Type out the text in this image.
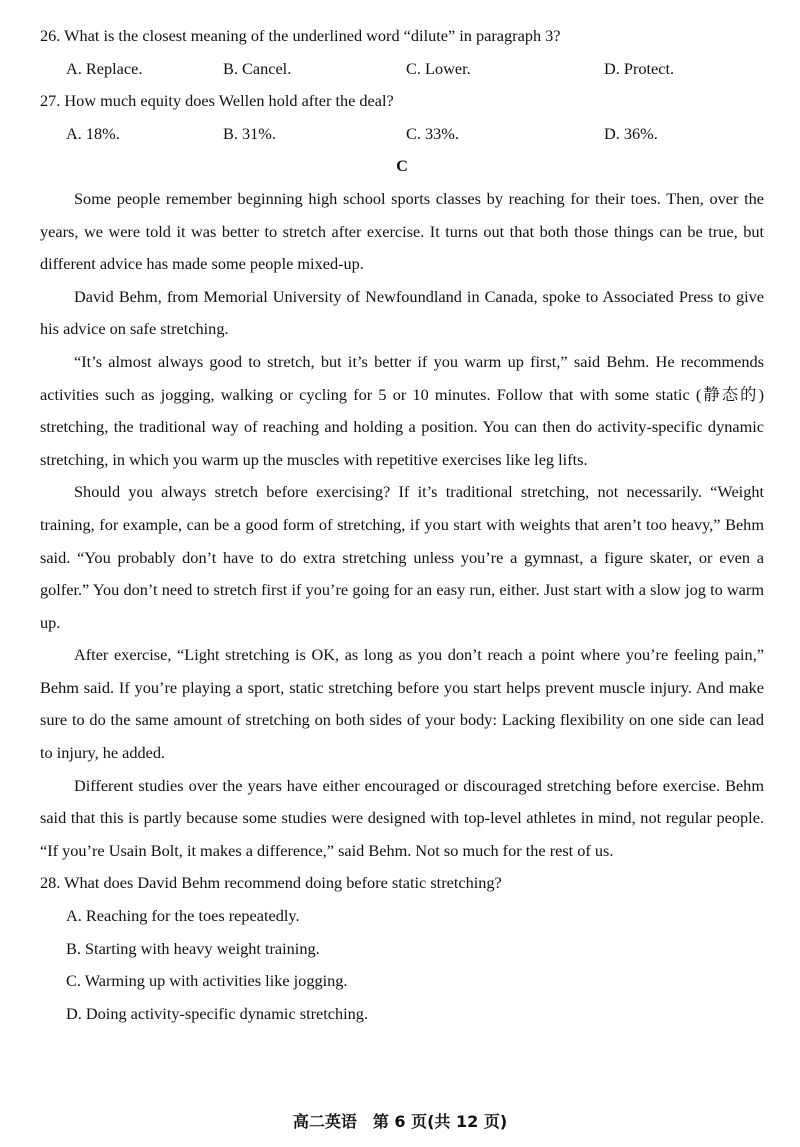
26. What is the closest meaning of the underlined word “dilute” in paragraph 3?

A. Replace.	B. Cancel.	C. Lower.	D. Protect.

27. How much equity does Wellen hold after the deal?

A. 18%.	B. 31%.	C. 33%.	D. 36%.

C

Some people remember beginning high school sports classes by reaching for their toes. Then, over the years, we were told it was better to stretch after exercise. It turns out that both those things can be true, but different advice has made some people mixed-up.

David Behm, from Memorial University of Newfoundland in Canada, spoke to Associated Press to give his advice on safe stretching.

“It’s almost always good to stretch, but it’s better if you warm up first,” said Behm. He recommends activities such as jogging, walking or cycling for 5 or 10 minutes. Follow that with some static (静态的) stretching, the traditional way of reaching and holding a position. You can then do activity-specific dynamic stretching, in which you warm up the muscles with repetitive exercises like leg lifts.

Should you always stretch before exercising? If it’s traditional stretching, not necessarily. “Weight training, for example, can be a good form of stretching, if you start with weights that aren’t too heavy,” Behm said. “You probably don’t have to do extra stretching unless you’re a gymnast, a figure skater, or even a golfer.” You don’t need to stretch first if you’re going for an easy run, either. Just start with a slow jog to warm up.

After exercise, “Light stretching is OK, as long as you don’t reach a point where you’re feeling pain,” Behm said. If you’re playing a sport, static stretching before you start helps prevent muscle injury. And make sure to do the same amount of stretching on both sides of your body: Lacking flexibility on one side can lead to injury, he added.

Different studies over the years have either encouraged or discouraged stretching before exercise. Behm said that this is partly because some studies were designed with top-level athletes in mind, not regular people. “If you’re Usain Bolt, it makes a difference,” said Behm. Not so much for the rest of us.

28. What does David Behm recommend doing before static stretching?

A. Reaching for the toes repeatedly.

B. Starting with heavy weight training.

C. Warming up with activities like jogging.

D. Doing activity-specific dynamic stretching.

高二英语　第 6 页(共 12 页)
